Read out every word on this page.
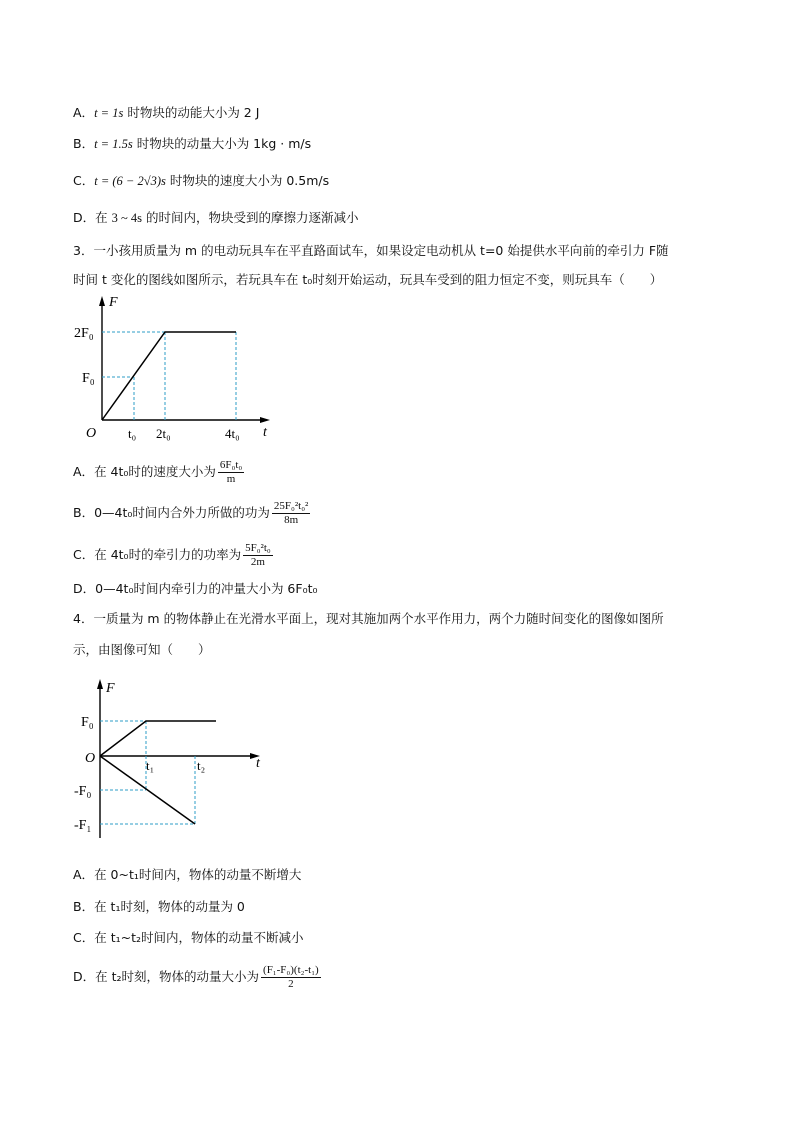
A．t = 1s 时物块的动能大小为 2 J
B．t = 1.5s 时物块的动量大小为 1kg · m/s
C．t = (6 − 2√3)s 时物块的速度大小为 0.5m/s
D．在 3 ~ 4s 的时间内，物块受到的摩擦力逐渐减小
3．一小孩用质量为 m 的电动玩具车在平直路面试车，如果设定电动机从 t=0 始提供水平向前的牵引力 F随
时间 t 变化的图线如图所示，若玩具车在 t₀时刻开始运动，玩具车受到的阻力恒定不变，则玩具车（　　）
F
t
O
2F₀
F₀
t₀ 2t₀	4t₀
A．在 4t₀时的速度大小为 $\frac{\text{6F₀t₀}}{m}$
B．0—4t₀时间内合外力所做的功为 $\frac{\text{25F₀²t₀²}}{8m}$
C．在 4t₀时的牵引力的功率为 $\frac{\text{5F₀²t₀}}{2m}$
D．0—4t₀时间内牵引力的冲量大小为 6F₀t₀
4．一质量为 m 的物体静止在光滑水平面上，现对其施加两个水平作用力，两个力随时间变化的图像如图所
示，由图像可知（　　）
F
t
O
F₀
-F₀
-F₁
t₁	t₂
A．在 0~t₁时间内，物体的动量不断增大
B．在 t₁时刻，物体的动量为 0
C．在 t₁~t₂时间内，物体的动量不断减小
D．在 t₂时刻，物体的动量大小为 $\frac{\text{(F₁-F₀)(t₂-t₁)}}{2}$
